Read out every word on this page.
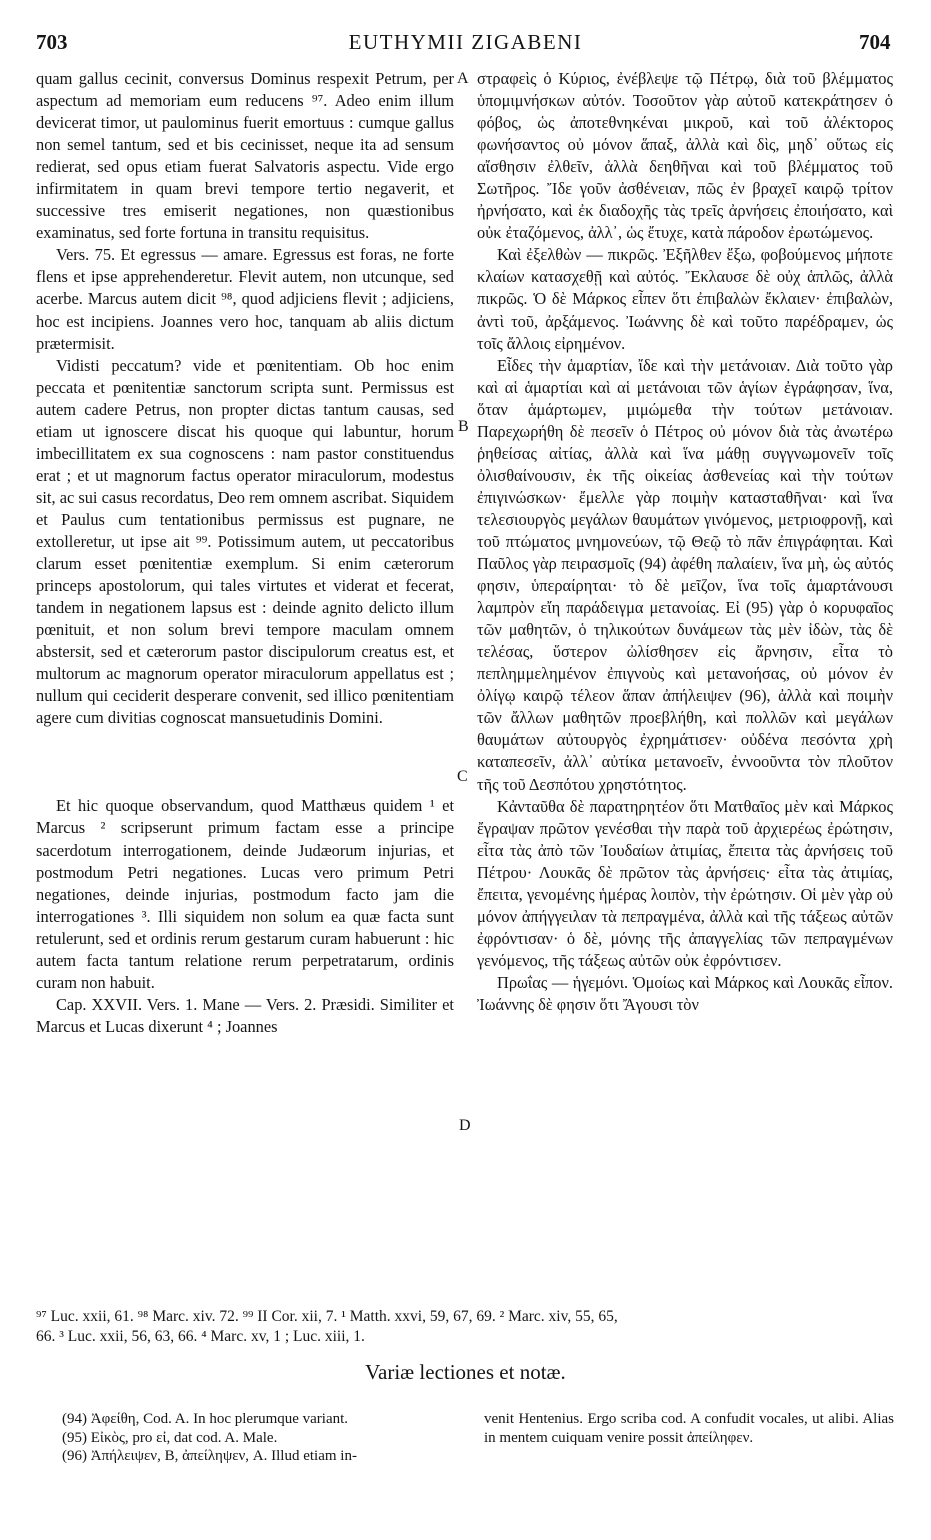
703	EUTHYMII ZIGABENI	704

quam gallus cecinit, conversus Dominus respexit Petrum, per aspectum ad memoriam eum reducens ⁹⁷. Adeo enim illum devicerat timor, ut paulominus fuerit emortuus : cumque gallus non semel tantum, sed et bis cecinisset, neque ita ad sensum redierat, sed opus etiam fuerat Salvatoris aspectu. Vide ergo infirmitatem in quam brevi tempore tertio negaverit, et successive tres emiserit negationes, non quæstionibus examinatus, sed forte fortuna in transitu requisitus.

Vers. 75. Et egressus — amare. Egressus est foras, ne forte flens et ipse apprehenderetur. Flevit autem, non utcunque, sed acerbe. Marcus autem dicit ⁹⁸, quod adjiciens flevit ; adjiciens, hoc est incipiens. Joannes vero hoc, tanquam ab aliis dictum prætermisit.

Vidisti peccatum? vide et pœnitentiam. Ob hoc enim peccata et pœnitentiæ sanctorum scripta sunt. Permissus est autem cadere Petrus, non propter dictas tantum causas, sed etiam ut ignoscere discat his quoque qui labuntur, horum imbecillitatem ex sua cognoscens : nam pastor constituendus erat ; et ut magnorum factus operator miraculorum, modestus sit, ac sui casus recordatus, Deo rem omnem ascribat. Siquidem et Paulus cum tentationibus permissus est pugnare, ne extolleretur, ut ipse ait ⁹⁹. Potissimum autem, ut peccatoribus clarum esset pœnitentiæ exemplum. Si enim cæterorum princeps apostolorum, qui tales virtutes et viderat et fecerat, tandem in negationem lapsus est : deinde agnito delicto illum pœnituit, et non solum brevi tempore maculam omnem abstersit, sed et cæterorum pastor discipulorum creatus est, et multorum ac magnorum operator miraculorum appellatus est ; nullum qui ceciderit desperare convenit, sed illico pœnitentiam agere cum divitias cognoscat mansuetudinis Domini.

Et hic quoque observandum, quod Matthæus quidem ¹ et Marcus ² scripserunt primum factam esse a principe sacerdotum interrogationem, deinde Judæorum injurias, et postmodum Petri negationes. Lucas vero primum Petri negationes, deinde injurias, postmodum facto jam die interrogationes ³. Illi siquidem non solum ea quæ facta sunt retulerunt, sed et ordinis rerum gestarum curam habuerunt : hic autem facta tantum relatione rerum perpetratarum, ordinis curam non habuit.

Cap. XXVII. Vers. 1. Mane — Vers. 2. Præsidi. Similiter et Marcus et Lucas dixerunt ⁴ ; Joannes

A
B
C
D

στραφεὶς ὁ Κύριος, ἐνέβλεψε τῷ Πέτρῳ, διὰ τοῦ βλέμματος ὑπομιμνήσκων αὐτόν. Τοσοῦτον γὰρ αὐτοῦ κατεκράτησεν ὁ φόβος, ὡς ἀποτεθνηκέναι μικροῦ, καὶ τοῦ ἀλέκτορος φωνήσαντος οὐ μόνον ἅπαξ, ἀλλὰ καὶ δὶς, μηδ᾽ οὕτως εἰς αἴσθησιν ἐλθεῖν, ἀλλὰ δεηθῆναι καὶ τοῦ βλέμματος τοῦ Σωτῆρος. Ἴδε γοῦν ἀσθένειαν, πῶς ἐν βραχεῖ καιρῷ τρίτον ἠρνήσατο, καὶ ἐκ διαδοχῆς τὰς τρεῖς ἀρνήσεις ἐποιήσατο, καὶ οὐκ ἐταζόμενος, ἀλλ᾽, ὡς ἔτυχε, κατὰ πάροδον ἐρωτώμενος.

Καὶ ἐξελθὼν — πικρῶς. Ἐξῆλθεν ἔξω, φοβούμενος μήποτε κλαίων κατασχεθῇ καὶ αὐτός. Ἔκλαυσε δὲ οὐχ ἁπλῶς, ἀλλὰ πικρῶς. Ὁ δὲ Μάρκος εἶπεν ὅτι ἐπιβαλὼν ἔκλαιεν· ἐπιβαλὼν, ἀντὶ τοῦ, ἀρξάμενος. Ἰωάννης δὲ καὶ τοῦτο παρέδραμεν, ὡς τοῖς ἄλλοις εἰρημένον.

Εἶδες τὴν ἁμαρτίαν, ἴδε καὶ τὴν μετάνοιαν. Διὰ τοῦτο γὰρ καὶ αἱ ἁμαρτίαι καὶ αἱ μετάνοιαι τῶν ἁγίων ἐγράφησαν, ἵνα, ὅταν ἁμάρτωμεν, μιμώμεθα τὴν τούτων μετάνοιαν. Παρεχωρήθη δὲ πεσεῖν ὁ Πέτρος οὐ μόνον διὰ τὰς ἀνωτέρω ῥηθείσας αἰτίας, ἀλλὰ καὶ ἵνα μάθῃ συγγνωμονεῖν τοῖς ὀλισθαίνουσιν, ἐκ τῆς οἰκείας ἀσθενείας καὶ τὴν τούτων ἐπιγινώσκων· ἔμελλε γὰρ ποιμὴν κατασταθῆναι· καὶ ἵνα τελεσιουργὸς μεγάλων θαυμάτων γινόμενος, μετριοφρονῇ, καὶ τοῦ πτώματος μνημονεύων, τῷ Θεῷ τὸ πᾶν ἐπιγράφηται. Καὶ Παῦλος γὰρ πειρασμοῖς (94) ἀφέθη παλαίειν, ἵνα μὴ, ὡς αὐτός φησιν, ὑπεραίρηται· τὸ δὲ μεῖζον, ἵνα τοῖς ἁμαρτάνουσι λαμπρὸν εἴη παράδειγμα μετανοίας. Εἰ (95) γὰρ ὁ κορυφαῖος τῶν μαθητῶν, ὁ τηλικούτων δυνάμεων τὰς μὲν ἰδὼν, τὰς δὲ τελέσας, ὕστερον ὠλίσθησεν εἰς ἄρνησιν, εἶτα τὸ πεπλημμελημένον ἐπιγνοὺς καὶ μετανοήσας, οὐ μόνον ἐν ὀλίγῳ καιρῷ τέλεον ἅπαν ἀπήλειψεν (96), ἀλλὰ καὶ ποιμὴν τῶν ἄλλων μαθητῶν προεβλήθη, καὶ πολλῶν καὶ μεγάλων θαυμάτων αὐτουργὸς ἐχρημάτισεν· οὐδένα πεσόντα χρὴ καταπεσεῖν, ἀλλ᾽ αὐτίκα μετανοεῖν, ἐννοοῦντα τὸν πλοῦτον τῆς τοῦ Δεσπότου χρηστότητος.

Κἀνταῦθα δὲ παρατηρητέον ὅτι Ματθαῖος μὲν καὶ Μάρκος ἔγραψαν πρῶτον γενέσθαι τὴν παρὰ τοῦ ἀρχιερέως ἐρώτησιν, εἶτα τὰς ἀπὸ τῶν Ἰουδαίων ἀτιμίας, ἔπειτα τὰς ἀρνήσεις τοῦ Πέτρου· Λουκᾶς δὲ πρῶτον τὰς ἀρνήσεις· εἶτα τὰς ἀτιμίας, ἔπειτα, γενομένης ἡμέρας λοιπὸν, τὴν ἐρώτησιν. Οἱ μὲν γὰρ οὐ μόνον ἀπήγγειλαν τὰ πεπραγμένα, ἀλλὰ καὶ τῆς τάξεως αὐτῶν ἐφρόντισαν· ὁ δὲ, μόνης τῆς ἀπαγγελίας τῶν πεπραγμένων γενόμενος, τῆς τάξεως αὐτῶν οὐκ ἐφρόντισεν.

Πρωΐας — ἡγεμόνι. Ὁμοίως καὶ Μάρκος καὶ Λουκᾶς εἶπον. Ἰωάννης δὲ φησιν ὅτι Ἄγουσι τὸν

⁹⁷ Luc. xxii, 61. ⁹⁸ Marc. xiv. 72. ⁹⁹ II Cor. xii, 7. ¹ Matth. xxvi, 59, 67, 69. ² Marc. xiv, 55, 65,
66. ³ Luc. xxii, 56, 63, 66. ⁴ Marc. xv, 1 ; Luc. xiii, 1.
Variæ lectiones et notæ.
(94) Ἀφείθη, Cod. A. In hoc plerumque variant.
(95) Εἰκὸς, pro εἰ, dat cod. A. Male.
(96) Ἀπήλειψεν, B, ἀπείληψεν, A. Illud etiam in-
venit Hentenius. Ergo scriba cod. A confudit vocales, ut alibi. Alias in mentem cuiquam venire possit ἀπείληφεν.
